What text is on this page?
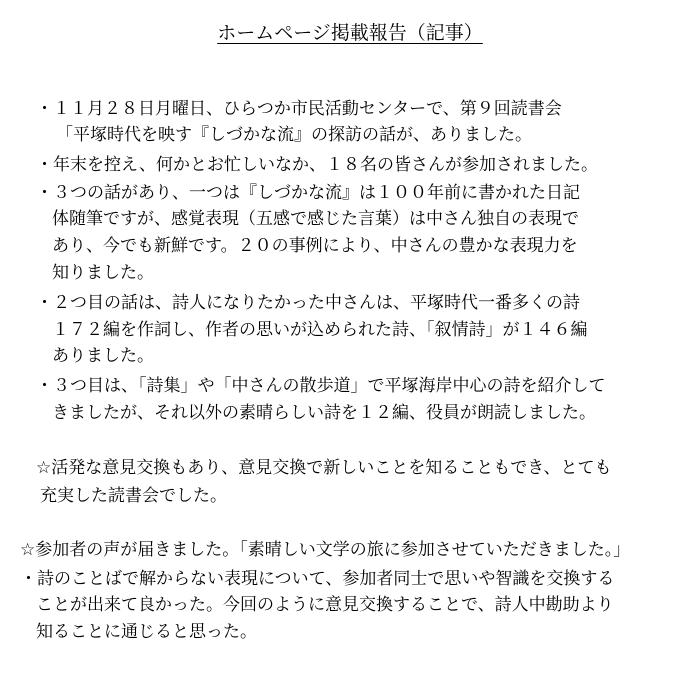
ホームページ掲載報告（記事）
・１１月２８日月曜日、ひらつか市民活動センターで、第９回読書会
「平塚時代を映す『しづかな流』の探訪の話が、ありました。
・年末を控え、何かとお忙しいなか、１８名の皆さんが参加されました。
・３つの話があり、一つは『しづかな流』は１００年前に書かれた日記
体随筆ですが、感覚表現（五感で感じた言葉）は中さん独自の表現で
あり、今でも新鮮です。２０の事例により、中さんの豊かな表現力を
知りました。
・２つ目の話は、詩人になりたかった中さんは、平塚時代一番多くの詩
１７２編を作詞し、作者の思いが込められた詩、「叙情詩」が１４６編
ありました。
・３つ目は、「詩集」や「中さんの散歩道」で平塚海岸中心の詩を紹介して
きましたが、それ以外の素晴らしい詩を１２編、役員が朗読しました。
☆活発な意見交換もあり、意見交換で新しいことを知ることもでき、とても
充実した読書会でした。
☆参加者の声が届きました。「素晴しい文学の旅に参加させていただきました。」
・詩のことばで解からない表現について、参加者同士で思いや智識を交換する
ことが出来て良かった。今回のように意見交換することで、詩人中勘助より
知ることに通じると思った。
